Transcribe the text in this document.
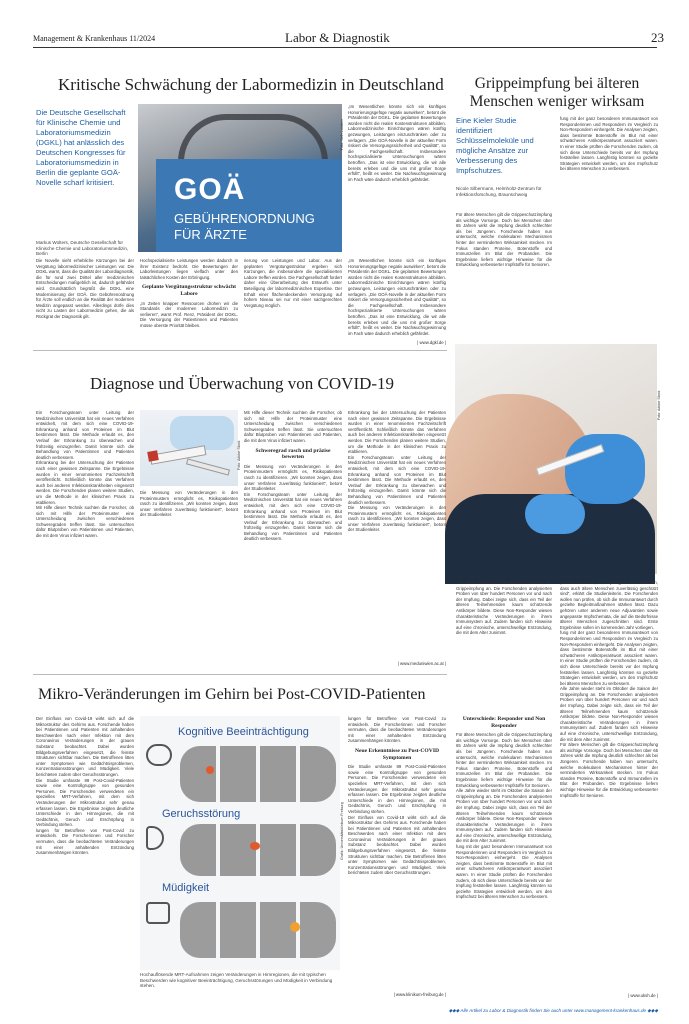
Management & Krankenhaus 11/2024	Labor & Diagnostik	23
Kritische Schwächung der Labormedizin in Deutschland
Die Deutsche Gesellschaft für Klinische Chemie und Laboratoriumsmedizin (DGKL) hat anlässlich des Deutschen Kongresses für Laboratoriumsmedizin in Berlin die geplante GOÄ-Novelle scharf kritisiert.
Markus Wolters, Deutsche Gesellschaft für Klinische Chemie und Laboratoriumsmedizin, Berlin
GOÄ
GEBÜHRENORDNUNG
FÜR ÄRZTE
Foto: Seth Lobstein
„Im Wesentlichen könnte sich ein künftiges Honorierungsgefüge negativ auswirken“, betont die Präsidentin der DGKL. Die geplanten Bewertungen würden nicht die realen Kostenstrukturen abbilden. Labormedizinische Einrichtungen wären künftig gezwungen, Leistungen einzuschränken oder zu verlagern. „Die GOÄ-Novelle in der aktuellen Form riskiert die Versorgungssicherheit und Qualität“, so die Fachgesellschaft. Insbesondere hochspezialisierte Untersuchungen wären betroffen. „Das ist eine Entwicklung, die wir alle bereits erleben und die uns mit großer Sorge erfüllt“, heißt es weiter. Die Nachwuchsgewinnung im Fach wäre dadurch erheblich gefährdet.
Die Novelle sieht erhebliche Kürzungen bei der Vergütung labormedizinischer Leistungen vor. Die DGKL warnt, dass die Qualität der Labordiagnostik, die für rund zwei Drittel aller medizinischen Entscheidungen maßgeblich ist, dadurch gefährdet wird. Grundsätzlich begrüßt die DGKL eine Modernisierung der GOÄ. Die Gebührenordnung für Ärzte soll endlich an die Realität der modernen Medizin angepasst werden. Allerdings dürfe dies nicht zu Lasten der Labormedizin gehen, die als Rückgrat der Diagnostik gilt.
Hochspezialisierte Leistungen werden dadurch in ihrer Existenz bedroht. Die Bewertungen der Laborleistungen liegen vielfach unter den tatsächlichen Kosten der Erbringung.
Geplante Vergütungsstruktur schwächt Labore
„In Zeiten knapper Ressourcen drohen wir die Standards der modernen Labormedizin zu verlieren“, warnt Prof. Renz, Präsident der DGKL. Die Versorgung der Patientinnen und Patienten müsse oberste Priorität bleiben.
rierung von Leistungen und Labor. Aus der geplanten Vergütungsstruktur ergeben sich Kürzungen, die insbesondere die spezialisierten Labore treffen würden. Die Fachgesellschaft fordert daher eine Überarbeitung des Entwurfs unter Beteiligung der labormedizinischen Expertise. Der Erhalt einer flächendeckenden Versorgung auf hohem Niveau sei nur mit einer sachgerechten Vergütung möglich.
„Im Wesentlichen könnte sich ein künftiges Honorierungsgefüge negativ auswirken“, betont die Präsidentin der DGKL. Die geplanten Bewertungen würden nicht die realen Kostenstrukturen abbilden. Labormedizinische Einrichtungen wären künftig gezwungen, Leistungen einzuschränken oder zu verlagern. „Die GOÄ-Novelle in der aktuellen Form riskiert die Versorgungssicherheit und Qualität“, so die Fachgesellschaft. Insbesondere hochspezialisierte Untersuchungen wären betroffen. „Das ist eine Entwicklung, die wir alle bereits erleben und die uns mit großer Sorge erfüllt“, heißt es weiter. Die Nachwuchsgewinnung im Fach wäre dadurch erheblich gefährdet.
| www.dgkl.de |
Grippeimpfung bei älteren Menschen weniger wirksam
Eine Kieler Studie identifiziert Schlüsselmoleküle und mögliche Ansätze zur Verbesserung des Impfschutzes.
Nicole Silbermann, Helmholtz-Zentrum für Infektionsforschung, Braunschweig
Für ältere Menschen gilt die Grippeschutzimpfung als wichtige Vorsorge. Doch bei Menschen über 65 Jahren wirkt die Impfung deutlich schlechter als bei Jüngeren. Forschende haben nun untersucht, welche molekularen Mechanismen hinter der verminderten Wirksamkeit stecken. Im Fokus standen Proteine, Botenstoffe und Immunzellen im Blut der Probanden. Die Ergebnisse liefern wichtige Hinweise für die Entwicklung verbesserter Impfstoffe für Senioren.
fung mit der ganz besonderen Immunantwort von Responderinnen und Respondern im Vergleich zu Non-Respondern einhergeht. Die Analysen zeigten, dass bestimmte Botenstoffe im Blut mit einer schwächeren Antikörperantwort assoziiert waren. In einer Studie prüften die Forschenden zudem, ob sich diese Unterschiede bereits vor der Impfung feststellen lassen. Langfristig könnten so gezielte Strategien entwickelt werden, um den Impfschutz bei älteren Menschen zu verbessern.
Foto: Adobe Stock
Alle Jahre wieder steht im Oktober die Saison der Grippeimpfung an. Die Forschenden analysierten Proben von über hundert Personen vor und nach der Impfung. Dabei zeigte sich, dass ein Teil der älteren Teilnehmenden kaum schützende Antikörper bildete. Diese Non-Responder wiesen charakteristische Veränderungen in ihrem Immunsystem auf. Zudem fanden sich Hinweise auf eine chronische, unterschwellige Entzündung, die mit dem Alter zunimmt.
Unterschiede: Responder und Non Responder
Für ältere Menschen gilt die Grippeschutzimpfung als wichtige Vorsorge. Doch bei Menschen über 65 Jahren wirkt die Impfung deutlich schlechter als bei Jüngeren. Forschende haben nun untersucht, welche molekularen Mechanismen hinter der verminderten Wirksamkeit stecken. Im Fokus standen Proteine, Botenstoffe und Immunzellen im Blut der Probanden. Die Ergebnisse liefern wichtige Hinweise für die Entwicklung verbesserter Impfstoffe für Senioren.
Alle Jahre wieder steht im Oktober die Saison der Grippeimpfung an. Die Forschenden analysierten Proben von über hundert Personen vor und nach der Impfung. Dabei zeigte sich, dass ein Teil der älteren Teilnehmenden kaum schützende Antikörper bildete. Diese Non-Responder wiesen charakteristische Veränderungen in ihrem Immunsystem auf. Zudem fanden sich Hinweise auf eine chronische, unterschwellige Entzündung, die mit dem Alter zunimmt.
fung mit der ganz besonderen Immunantwort von Responderinnen und Respondern im Vergleich zu Non-Respondern einhergeht. Die Analysen zeigten, dass bestimmte Botenstoffe im Blut mit einer schwächeren Antikörperantwort assoziiert waren. In einer Studie prüften die Forschenden zudem, ob sich diese Unterschiede bereits vor der Impfung feststellen lassen. Langfristig könnten so gezielte Strategien entwickelt werden, um den Impfschutz bei älteren Menschen zu verbessern.
„Unser Ziel ist es, die Impfung so zu verbessern, dass auch ältere Menschen zuverlässig geschützt sind“, erklärt die Studienleiterin. Die Forschenden wollen nun prüfen, ob sich die Immunantwort durch gezielte Begleitmaßnahmen stärken lässt. Dazu gehören unter anderem neue Adjuvantien sowie angepasste Impfschemata, die auf die Bedürfnisse älterer Menschen zugeschnitten sind. Erste Ergebnisse sollen im kommenden Jahr vorliegen.
fung mit der ganz besonderen Immunantwort von Responderinnen und Respondern im Vergleich zu Non-Respondern einhergeht. Die Analysen zeigten, dass bestimmte Botenstoffe im Blut mit einer schwächeren Antikörperantwort assoziiert waren. In einer Studie prüften die Forschenden zudem, ob sich diese Unterschiede bereits vor der Impfung feststellen lassen. Langfristig könnten so gezielte Strategien entwickelt werden, um den Impfschutz bei älteren Menschen zu verbessern.
Alle Jahre wieder steht im Oktober die Saison der Grippeimpfung an. Die Forschenden analysierten Proben von über hundert Personen vor und nach der Impfung. Dabei zeigte sich, dass ein Teil der älteren Teilnehmenden kaum schützende Antikörper bildete. Diese Non-Responder wiesen charakteristische Veränderungen in ihrem Immunsystem auf. Zudem fanden sich Hinweise auf eine chronische, unterschwellige Entzündung, die mit dem Alter zunimmt.
Für ältere Menschen gilt die Grippeschutzimpfung als wichtige Vorsorge. Doch bei Menschen über 65 Jahren wirkt die Impfung deutlich schlechter als bei Jüngeren. Forschende haben nun untersucht, welche molekularen Mechanismen hinter der verminderten Wirksamkeit stecken. Im Fokus standen Proteine, Botenstoffe und Immunzellen im Blut der Probanden. Die Ergebnisse liefern wichtige Hinweise für die Entwicklung verbesserter Impfstoffe für Senioren.
| www.uksh.de |
Diagnose und Überwachung von COVID-19
Ein Forschungsteam unter Leitung der Medizinischen Universität hat ein neues Verfahren entwickelt, mit dem sich eine COVID-19-Erkrankung anhand von Proteinen im Blut bestimmen lässt. Die Methode erlaubt es, den Verlauf der Erkrankung zu überwachen und frühzeitig einzugreifen. Damit könnte sich die Behandlung von Patientinnen und Patienten deutlich verbessern.
Erkrankung bei der Untersuchung der Patienten nach einer gewissen Zeitspanne. Die Ergebnisse wurden in einer renommierten Fachzeitschrift veröffentlicht. Schließlich könnte das Verfahren auch bei anderen Infektionskrankheiten eingesetzt werden. Die Forschenden planen weitere Studien, um die Methode in der klinischen Praxis zu etablieren.
Mit Hilfe dieser Technik suchten die Forscher, ob sich mit Hilfe der Proteinmuster eine Unterscheidung zwischen verschiedenen Schweregraden treffen lässt. Sie untersuchten dafür Blutproben von Patientinnen und Patienten, die mit dem Virus infiziert waren.
Foto: Adobe Stock
Mit Hilfe dieser Technik suchten die Forscher, ob sich mit Hilfe der Proteinmuster eine Unterscheidung zwischen verschiedenen Schweregraden treffen lässt. Sie untersuchten dafür Blutproben von Patientinnen und Patienten, die mit dem Virus infiziert waren.
Schweregrad rasch und präzise bewerten
Die Messung von Veränderungen in den Proteinmustern ermöglicht es, Risikopatienten rasch zu identifizieren. „Wir konnten zeigen, dass unser Verfahren zuverlässig funktioniert“, betont der Studienleiter.
Ein Forschungsteam unter Leitung der Medizinischen Universität hat ein neues Verfahren entwickelt, mit dem sich eine COVID-19-Erkrankung anhand von Proteinen im Blut bestimmen lässt. Die Methode erlaubt es, den Verlauf der Erkrankung zu überwachen und frühzeitig einzugreifen. Damit könnte sich die Behandlung von Patientinnen und Patienten deutlich verbessern.
Die Messung von Veränderungen in den Proteinmustern ermöglicht es, Risikopatienten rasch zu identifizieren. „Wir konnten zeigen, dass unser Verfahren zuverlässig funktioniert“, betont der Studienleiter.
Erkrankung bei der Untersuchung der Patienten nach einer gewissen Zeitspanne. Die Ergebnisse wurden in einer renommierten Fachzeitschrift veröffentlicht. Schließlich könnte das Verfahren auch bei anderen Infektionskrankheiten eingesetzt werden. Die Forschenden planen weitere Studien, um die Methode in der klinischen Praxis zu etablieren.
Ein Forschungsteam unter Leitung der Medizinischen Universität hat ein neues Verfahren entwickelt, mit dem sich eine COVID-19-Erkrankung anhand von Proteinen im Blut bestimmen lässt. Die Methode erlaubt es, den Verlauf der Erkrankung zu überwachen und frühzeitig einzugreifen. Damit könnte sich die Behandlung von Patientinnen und Patienten deutlich verbessern.
Die Messung von Veränderungen in den Proteinmustern ermöglicht es, Risikopatienten rasch zu identifizieren. „Wir konnten zeigen, dass unser Verfahren zuverlässig funktioniert“, betont der Studienleiter.
| www.meduniwien.ac.at |
Mikro-Veränderungen im Gehirn bei Post-COVID-Patienten
Der Einfluss von Covid-19 wirkt sich auf die Mikrostruktur des Gehirns aus. Forschende haben bei Patientinnen und Patienten mit anhaltenden Beschwerden nach einer Infektion mit dem Coronavirus Veränderungen in der grauen Substanz beobachtet. Dabei wurden Bildgebungsverfahren eingesetzt, die feinste Strukturen sichtbar machen. Die Betroffenen litten unter Symptomen wie Gedächtnisproblemen, Konzentrationsstörungen und Müdigkeit. Viele berichteten zudem über Geruchsstörungen.
Die Studie umfasste 89 Post-Covid-Patienten sowie eine Kontrollgruppe von gesunden Personen. Die Forschenden verwendeten ein spezielles MRT-Verfahren, mit dem sich Veränderungen der Mikrostruktur sehr genau erfassen lassen. Die Ergebnisse zeigten deutliche Unterschiede in den Hirnregionen, die mit Gedächtnis, Geruch und Erschöpfung in Verbindung stehen.
lungen für Betroffene von Post-Covid zu entwickeln. Die Forscherinnen und Forscher vermuten, dass die beobachteten Veränderungen mit einer anhaltenden Entzündung zusammenhängen könnten.
Kognitive Beeinträchtigung
Geruchsstörung
Müdigkeit
Grafik: Universitätsklinikum Freiburg
Hochauflösende MRT-Aufnahmen zeigen Veränderungen in Hirnregionen, die mit typischen Beschwerden wie kognitiver Beeinträchtigung, Geruchsstörungen und Müdigkeit in Verbindung stehen.
lungen für Betroffene von Post-Covid zu entwickeln. Die Forscherinnen und Forscher vermuten, dass die beobachteten Veränderungen mit einer anhaltenden Entzündung zusammenhängen könnten.
Neue Erkenntnisse zu Post-COVID Symptomen
Die Studie umfasste 89 Post-Covid-Patienten sowie eine Kontrollgruppe von gesunden Personen. Die Forschenden verwendeten ein spezielles MRT-Verfahren, mit dem sich Veränderungen der Mikrostruktur sehr genau erfassen lassen. Die Ergebnisse zeigten deutliche Unterschiede in den Hirnregionen, die mit Gedächtnis, Geruch und Erschöpfung in Verbindung stehen.
Der Einfluss von Covid-19 wirkt sich auf die Mikrostruktur des Gehirns aus. Forschende haben bei Patientinnen und Patienten mit anhaltenden Beschwerden nach einer Infektion mit dem Coronavirus Veränderungen in der grauen Substanz beobachtet. Dabei wurden Bildgebungsverfahren eingesetzt, die feinste Strukturen sichtbar machen. Die Betroffenen litten unter Symptomen wie Gedächtnisproblemen, Konzentrationsstörungen und Müdigkeit. Viele berichteten zudem über Geruchsstörungen.
| www.klinikum-freiburg.de |
◆◆◆ Alle Artikel zu Labor & Diagnostik finden Sie auch unter www.management-krankenhaus.de ◆◆◆
